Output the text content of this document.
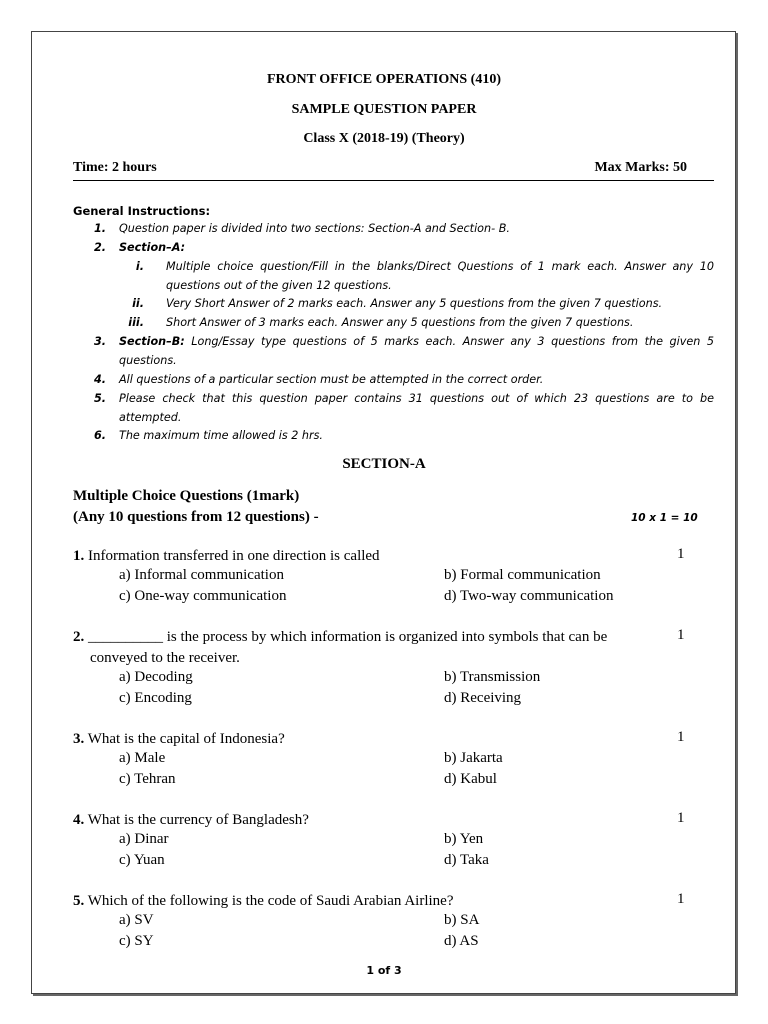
FRONT OFFICE OPERATIONS (410)
SAMPLE QUESTION PAPER
Class X (2018-19) (Theory)
Time: 2 hours	Max Marks: 50
General Instructions:
1. Question paper is divided into two sections: Section-A and Section- B.
2. Section–A:
i. Multiple choice question/Fill in the blanks/Direct Questions of 1 mark each. Answer any 10 questions out of the given 12 questions.
ii. Very Short Answer of 2 marks each. Answer any 5 questions from the given 7 questions.
iii. Short Answer of 3 marks each. Answer any 5 questions from the given 7 questions.
3. Section–B: Long/Essay type questions of 5 marks each. Answer any 3 questions from the given 5 questions.
4. All questions of a particular section must be attempted in the correct order.
5. Please check that this question paper contains 31 questions out of which 23 questions are to be attempted.
6. The maximum time allowed is 2 hrs.
SECTION-A
Multiple Choice Questions (1mark)
(Any 10 questions from 12 questions) -	10 x 1 = 10
1. Information transferred in one direction is called	1
a) Informal communication	b) Formal communication
c) One-way communication	d) Two-way communication
2. __________ is the process by which information is organized into symbols that can be
conveyed to the receiver.
1
a) Decoding	b) Transmission
c) Encoding	d) Receiving
3. What is the capital of Indonesia?	1
a) Male	b) Jakarta
c) Tehran	d) Kabul
4. What is the currency of Bangladesh?	1
a) Dinar	b) Yen
c) Yuan	d) Taka
5. Which of the following is the code of Saudi Arabian Airline?	1
a) SV	b) SA
c) SY	d) AS
1 of 3
